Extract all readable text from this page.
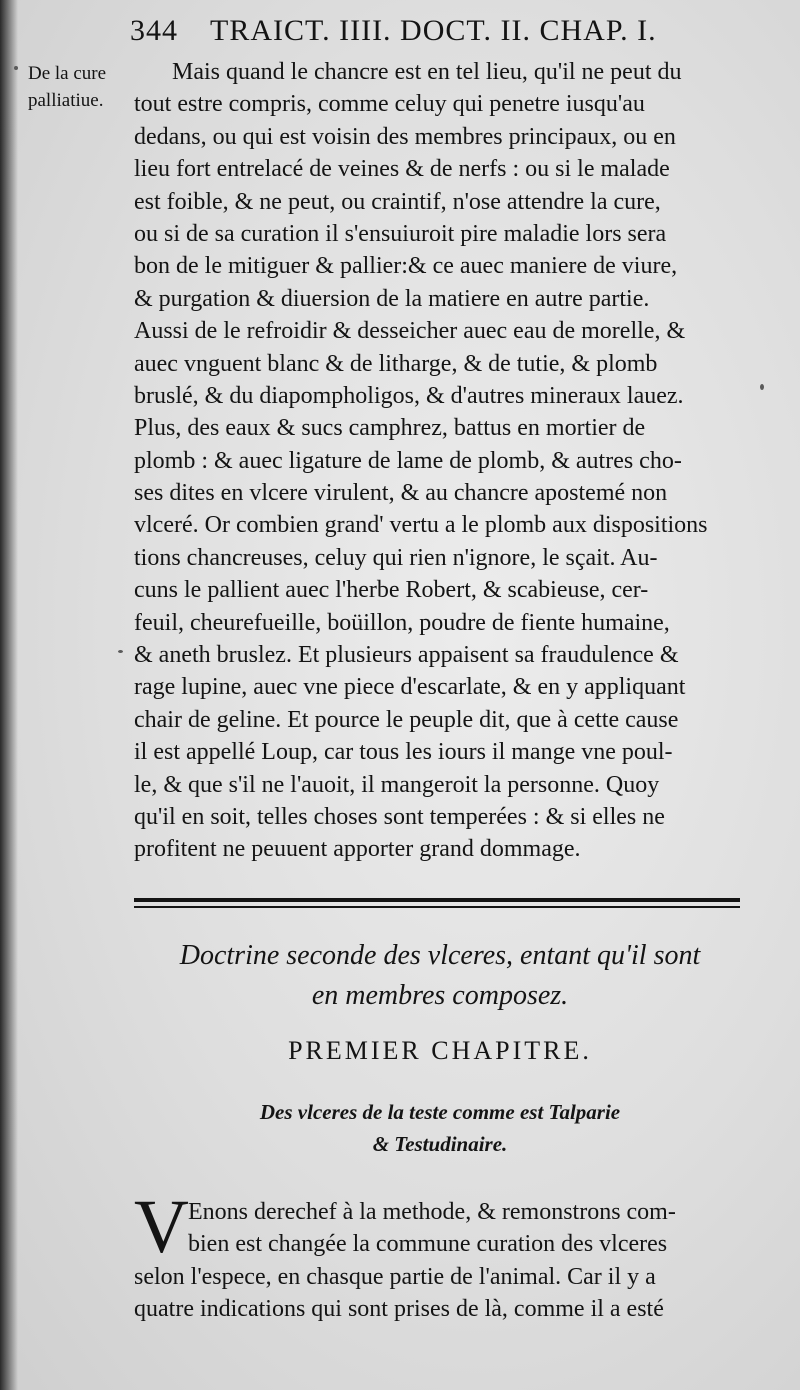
344 TRAICT. IIII. DOCT. II. CHAP. I.
De la cure
palliatiue.
Mais quand le chancre est en tel lieu, qu'il ne peut du
tout estre compris, comme celuy qui penetre iusqu'au
dedans, ou qui est voisin des membres principaux, ou en
lieu fort entrelacé de veines & de nerfs : ou si le malade
est foible, & ne peut, ou craintif, n'ose attendre la cure,
ou si de sa curation il s'ensuiuroit pire maladie lors sera
bon de le mitiguer & pallier:& ce auec maniere de viure,
& purgation & diuersion de la matiere en autre partie.
Aussi de le refroidir & desseicher auec eau de morelle, &
auec vnguent blanc & de litharge, & de tutie, & plomb
bruslé, & du diapompholigos, & d'autres mineraux lauez.
Plus, des eaux & sucs camphrez, battus en mortier de
plomb : & auec ligature de lame de plomb, & autres cho-
ses dites en vlcere virulent, & au chancre apostemé non
vlceré. Or combien grand' vertu a le plomb aux dispositions
tions chancreuses, celuy qui rien n'ignore, le sçait. Au-
cuns le pallient auec l'herbe Robert, & scabieuse, cer-
feuil, cheurefueille, boüillon, poudre de fiente humaine,
& aneth bruslez. Et plusieurs appaisent sa fraudulence &
rage lupine, auec vne piece d'escarlate, & en y appliquant
chair de geline. Et pource le peuple dit, que à cette cause
il est appellé Loup, car tous les iours il mange vne poul-
le, & que s'il ne l'auoit, il mangeroit la personne. Quoy
qu'il en soit, telles choses sont temperées : & si elles ne
profitent ne peuuent apporter grand dommage.
Doctrine seconde des vlceres, entant qu'il sont
en membres composez.
PREMIER CHAPITRE.
Des vlceres de la teste comme est Talparie
& Testudinaire.
V Enons derechef à la methode, & remonstrons com-
bien est changée la commune curation des vlceres
selon l'espece, en chasque partie de l'animal. Car il y a
quatre indications qui sont prises de là, comme il a esté
